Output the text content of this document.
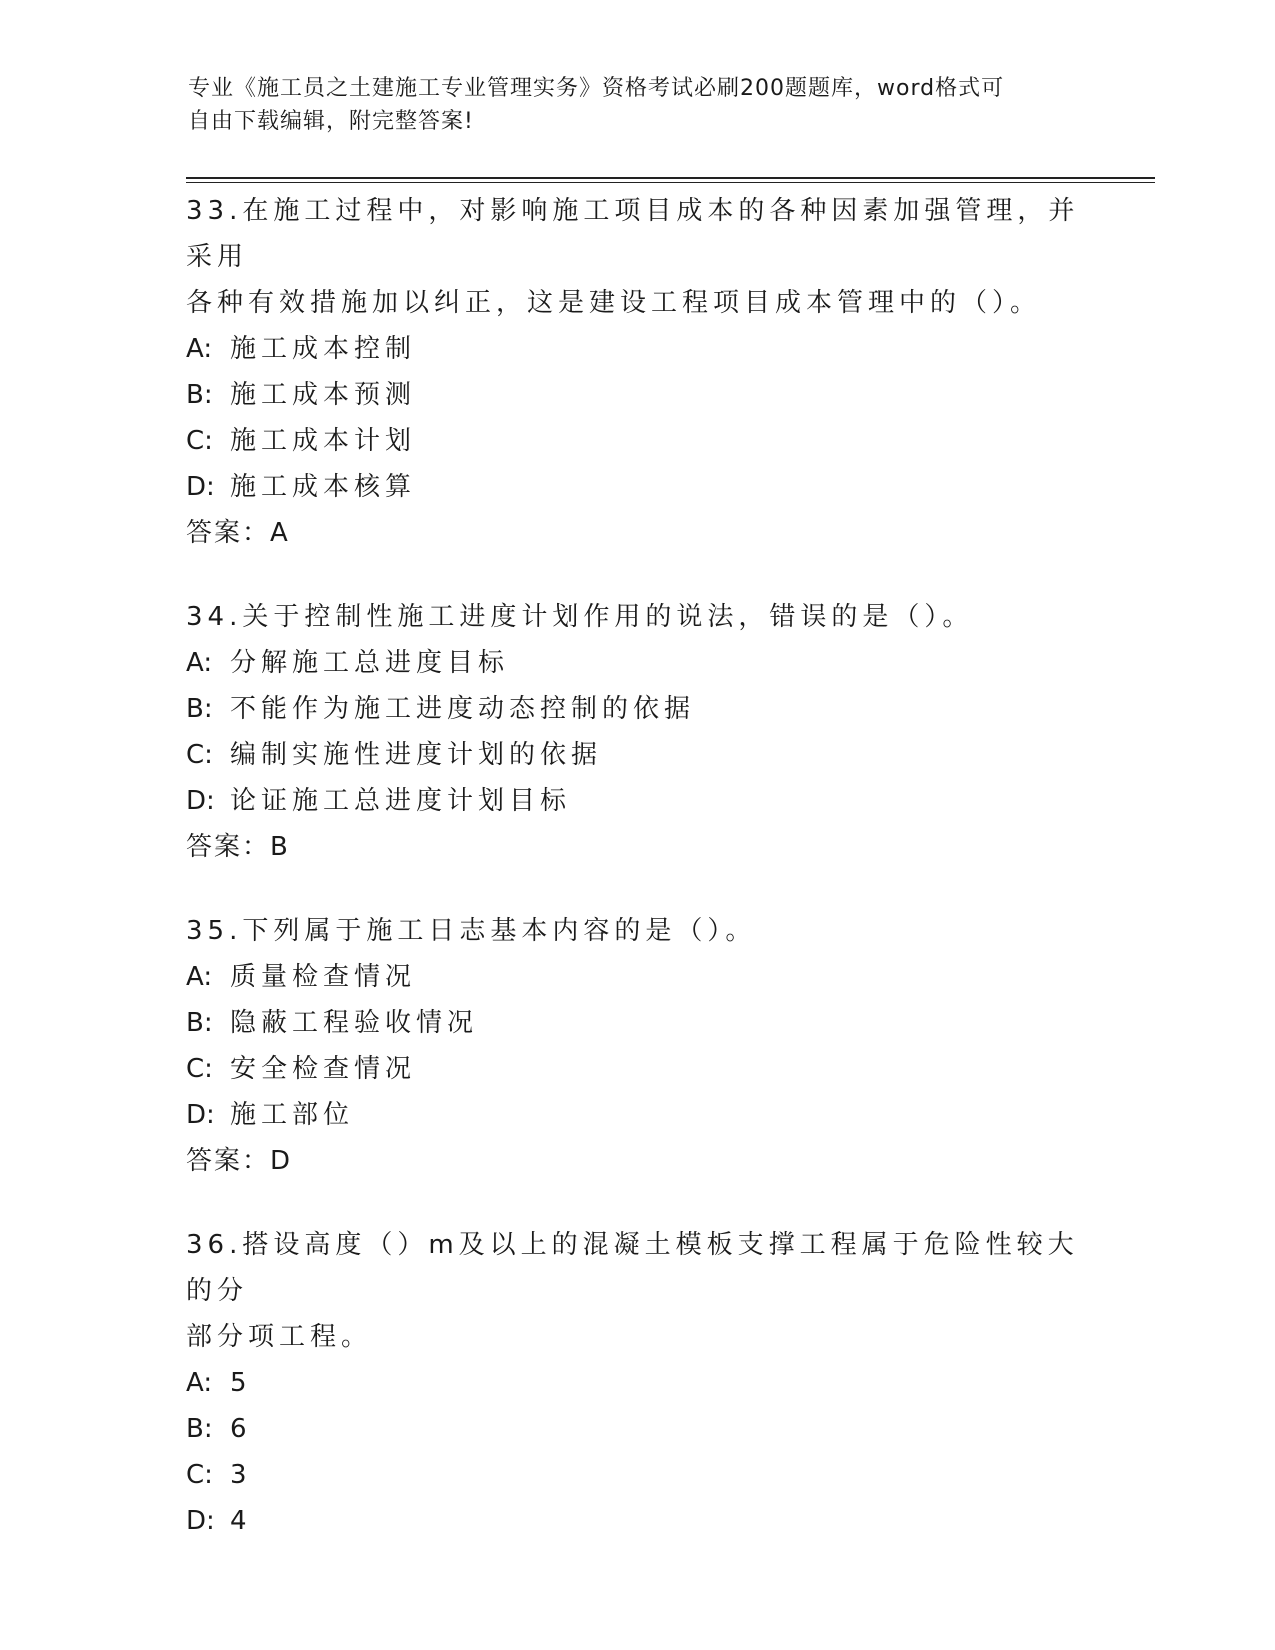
专业《施工员之土建施工专业管理实务》资格考试必刷200题题库，word格式可
自由下载编辑，附完整答案!
33.在施工过程中，对影响施工项目成本的各种因素加强管理，并采用
各种有效措施加以纠正，这是建设工程项目成本管理中的（）。
A: 施工成本控制
B: 施工成本预测
C: 施工成本计划
D: 施工成本核算
答案：A
34.关于控制性施工进度计划作用的说法，错误的是（）。
A: 分解施工总进度目标
B: 不能作为施工进度动态控制的依据
C: 编制实施性进度计划的依据
D: 论证施工总进度计划目标
答案：B
35.下列属于施工日志基本内容的是（）。
A: 质量检查情况
B: 隐蔽工程验收情况
C: 安全检查情况
D: 施工部位
答案：D
36.搭设高度（）m及以上的混凝土模板支撑工程属于危险性较大的分
部分项工程。
A: 5
B: 6
C: 3
D: 4
